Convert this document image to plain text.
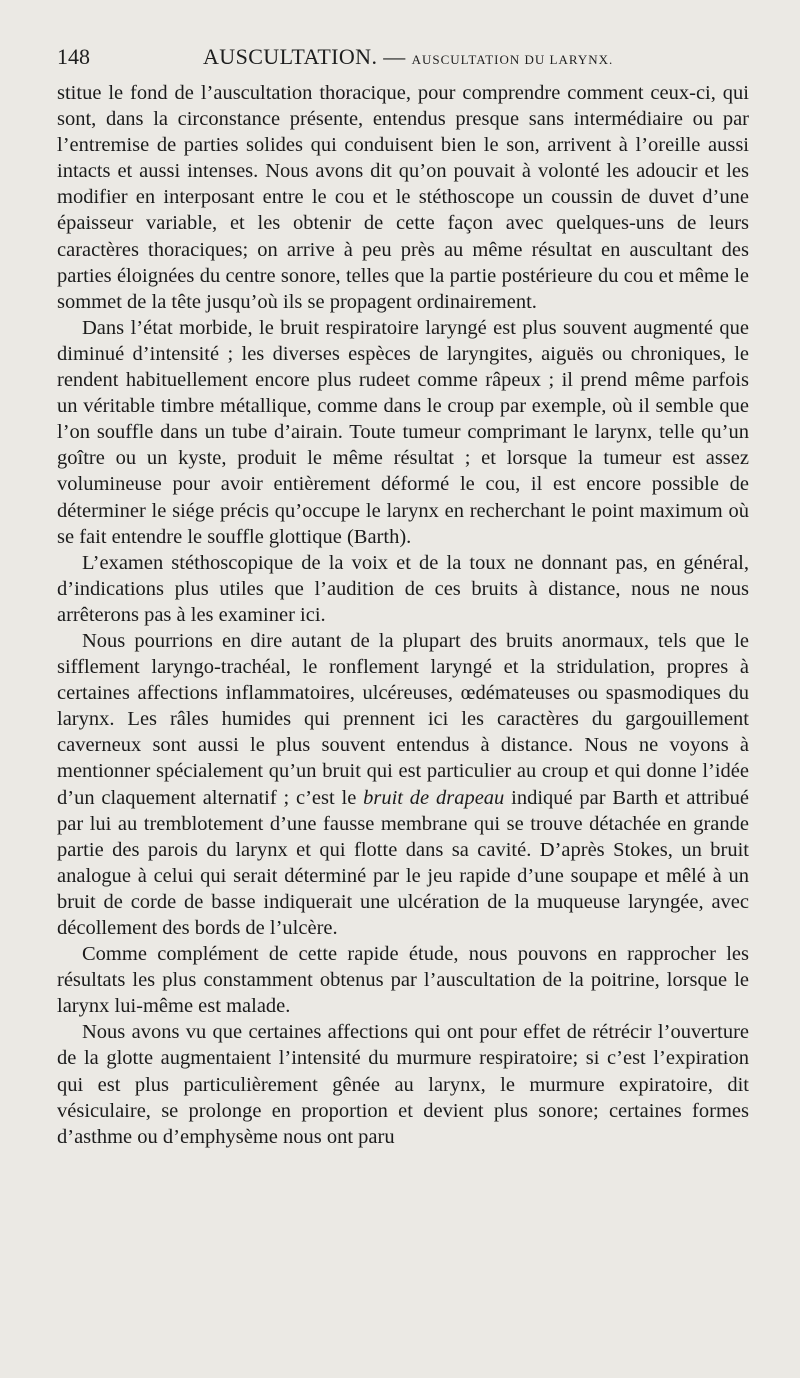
148	AUSCULTATION. — AUSCULTATION DU LARYNX.

stitue le fond de l’auscultation thoracique, pour comprendre comment ceux-ci, qui sont, dans la circonstance présente, entendus presque sans intermédiaire ou par l’entremise de parties solides qui conduisent bien le son, arrivent à l’oreille aussi intacts et aussi intenses. Nous avons dit qu’on pouvait à volonté les adoucir et les modifier en interposant entre le cou et le stéthoscope un coussin de duvet d’une épaisseur variable, et les obtenir de cette façon avec quelques-uns de leurs caractères thoraciques; on arrive à peu près au même résultat en auscultant des parties éloignées du centre sonore, telles que la partie postérieure du cou et même le sommet de la tête jusqu’où ils se propagent ordinairement.

Dans l’état morbide, le bruit respiratoire laryngé est plus souvent augmenté que diminué d’intensité ; les diverses espèces de laryngites, aiguës ou chroniques, le rendent habituellement encore plus rudeet comme râpeux ; il prend même parfois un véritable timbre métallique, comme dans le croup par exemple, où il semble que l’on souffle dans un tube d’airain. Toute tumeur comprimant le larynx, telle qu’un goître ou un kyste, produit le même résultat ; et lorsque la tumeur est assez volumineuse pour avoir entièrement déformé le cou, il est encore possible de déterminer le siége précis qu’occupe le larynx en recherchant le point maximum où se fait entendre le souffle glottique (Barth).

L’examen stéthoscopique de la voix et de la toux ne donnant pas, en général, d’indications plus utiles que l’audition de ces bruits à distance, nous ne nous arrêterons pas à les examiner ici.

Nous pourrions en dire autant de la plupart des bruits anormaux, tels que le sifflement laryngo-trachéal, le ronflement laryngé et la stridulation, propres à certaines affections inflammatoires, ulcéreuses, œdémateuses ou spasmodiques du larynx. Les râles humides qui prennent ici les caractères du gargouillement caverneux sont aussi le plus souvent entendus à distance. Nous ne voyons à mentionner spécialement qu’un bruit qui est particulier au croup et qui donne l’idée d’un claquement alternatif ; c’est le bruit de drapeau indiqué par Barth et attribué par lui au tremblotement d’une fausse membrane qui se trouve détachée en grande partie des parois du larynx et qui flotte dans sa cavité. D’après Stokes, un bruit analogue à celui qui serait déterminé par le jeu rapide d’une soupape et mêlé à un bruit de corde de basse indiquerait une ulcération de la muqueuse laryngée, avec décollement des bords de l’ulcère.

Comme complément de cette rapide étude, nous pouvons en rapprocher les résultats les plus constamment obtenus par l’auscultation de la poitrine, lorsque le larynx lui-même est malade.

Nous avons vu que certaines affections qui ont pour effet de rétrécir l’ouverture de la glotte augmentaient l’intensité du murmure respiratoire; si c’est l’expiration qui est plus particulièrement gênée au larynx, le murmure expiratoire, dit vésiculaire, se prolonge en proportion et devient plus sonore; certaines formes d’asthme ou d’emphysème nous ont paru
